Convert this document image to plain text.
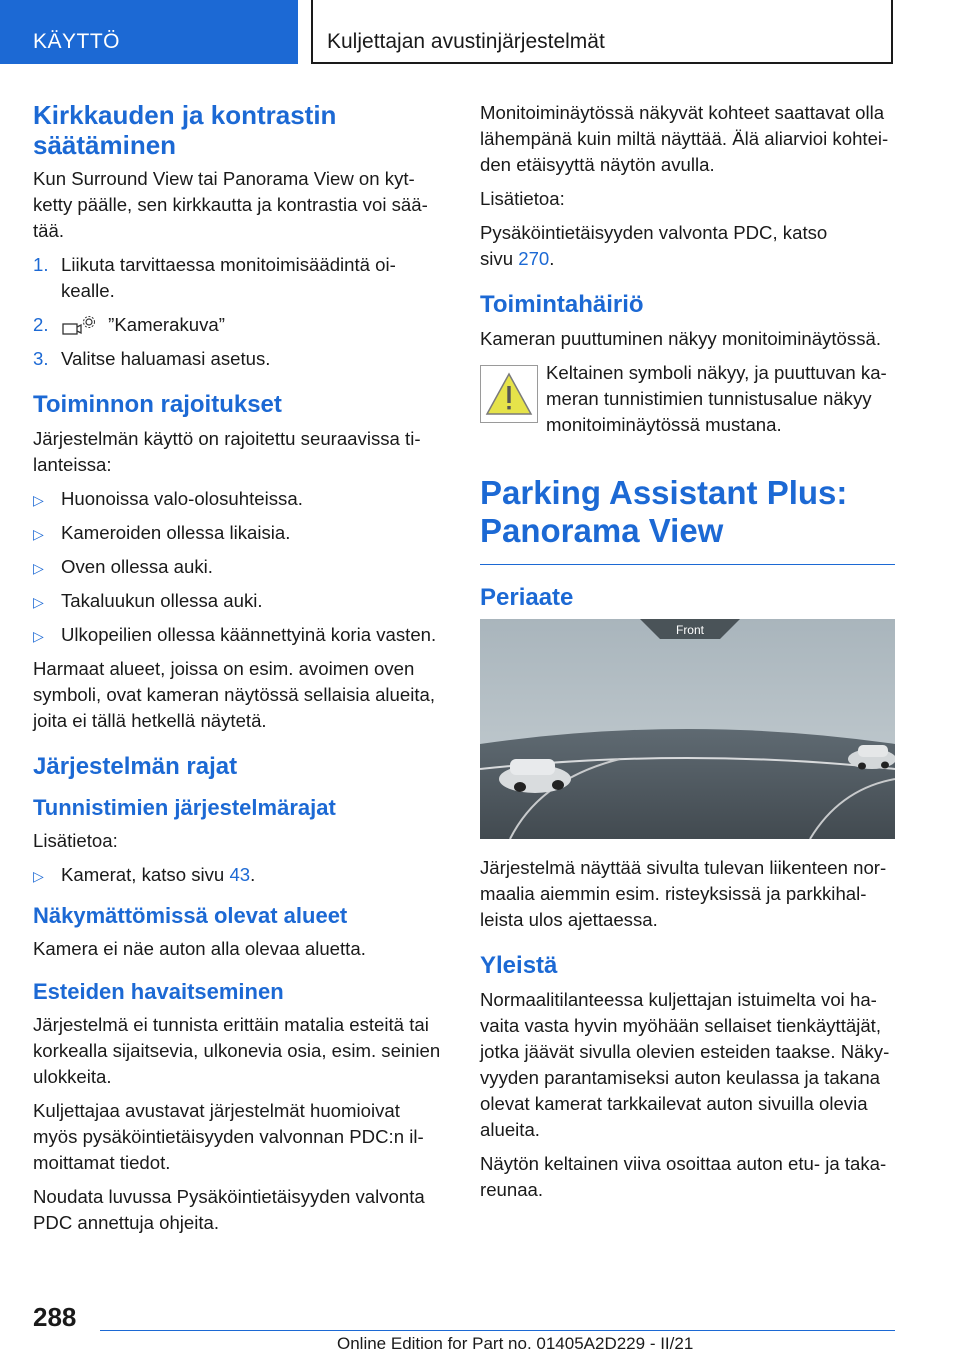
KÄYTTÖ	Kuljettajan avustinjärjestelmät
Kirkkauden ja kontrastin säätäminen

Kun Surround View tai Panorama View on kyt-
ketty päälle, sen kirkkautta ja kontrastia voi sää-
tää.

1. Liikuta tarvittaessa monitoimisäädintä oi-
kealle.
2.	”Kamerakuva”
3. Valitse haluamasi asetus.
Toiminnon rajoitukset

Järjestelmän käyttö on rajoitettu seuraavissa ti-
lanteissa:

▷ Huonoissa valo-olosuhteissa.
▷ Kameroiden ollessa likaisia.
▷ Oven ollessa auki.
▷ Takaluukun ollessa auki.
▷ Ulkopeilien ollessa käännettyinä koria vasten.

Harmaat alueet, joissa on esim. avoimen oven
symboli, ovat kameran näytössä sellaisia alueita,
joita ei tällä hetkellä näytetä.

Järjestelmän rajat
Tunnistimien järjestelmärajat

Lisätietoa:

▷ Kamerat, katso sivu 43.
Näkymättömissä olevat alueet

Kamera ei näe auton alla olevaa aluetta.

Esteiden havaitseminen

Järjestelmä ei tunnista erittäin matalia esteitä tai
korkealla sijaitsevia, ulkonevia osia, esim. seinien
ulokkeita.

Kuljettajaa avustavat järjestelmät huomioivat
myös pysäköintietäisyyden valvonnan PDC:n il-
moittamat tiedot.

Noudata luvussa Pysäköintietäisyyden valvonta
PDC annettuja ohjeita.

Monitoiminäytössä näkyvät kohteet saattavat olla
lähempänä kuin miltä näyttää. Älä aliarvioi kohtei-
den etäisyyttä näytön avulla.

Lisätietoa:

Pysäköintietäisyyden valvonta PDC, katso
sivu 270.

Toimintahäiriö

Kameran puuttuminen näkyy monitoiminäytössä.

Keltainen symboli näkyy, ja puuttuvan ka-
meran tunnistimien tunnistusalue näkyy
monitoiminäytössä mustana.
Parking Assistant Plus:
Panorama View
Periaate
Front

Järjestelmä näyttää sivulta tulevan liikenteen nor-
maalia aiemmin esim. risteyksissä ja parkkihal-
leista ulos ajettaessa.

Yleistä

Normaalitilanteessa kuljettajan istuimelta voi ha-
vaita vasta hyvin myöhään sellaiset tienkäyttäjät,
jotka jäävät sivulla olevien esteiden taakse. Näky-
vyyden parantamiseksi auton keulassa ja takana
olevat kamerat tarkkailevat auton sivuilla olevia
alueita.

Näytön keltainen viiva osoittaa auton etu- ja taka-
reunaa.

288
Online Edition for Part no. 01405A2D229 - II/21
